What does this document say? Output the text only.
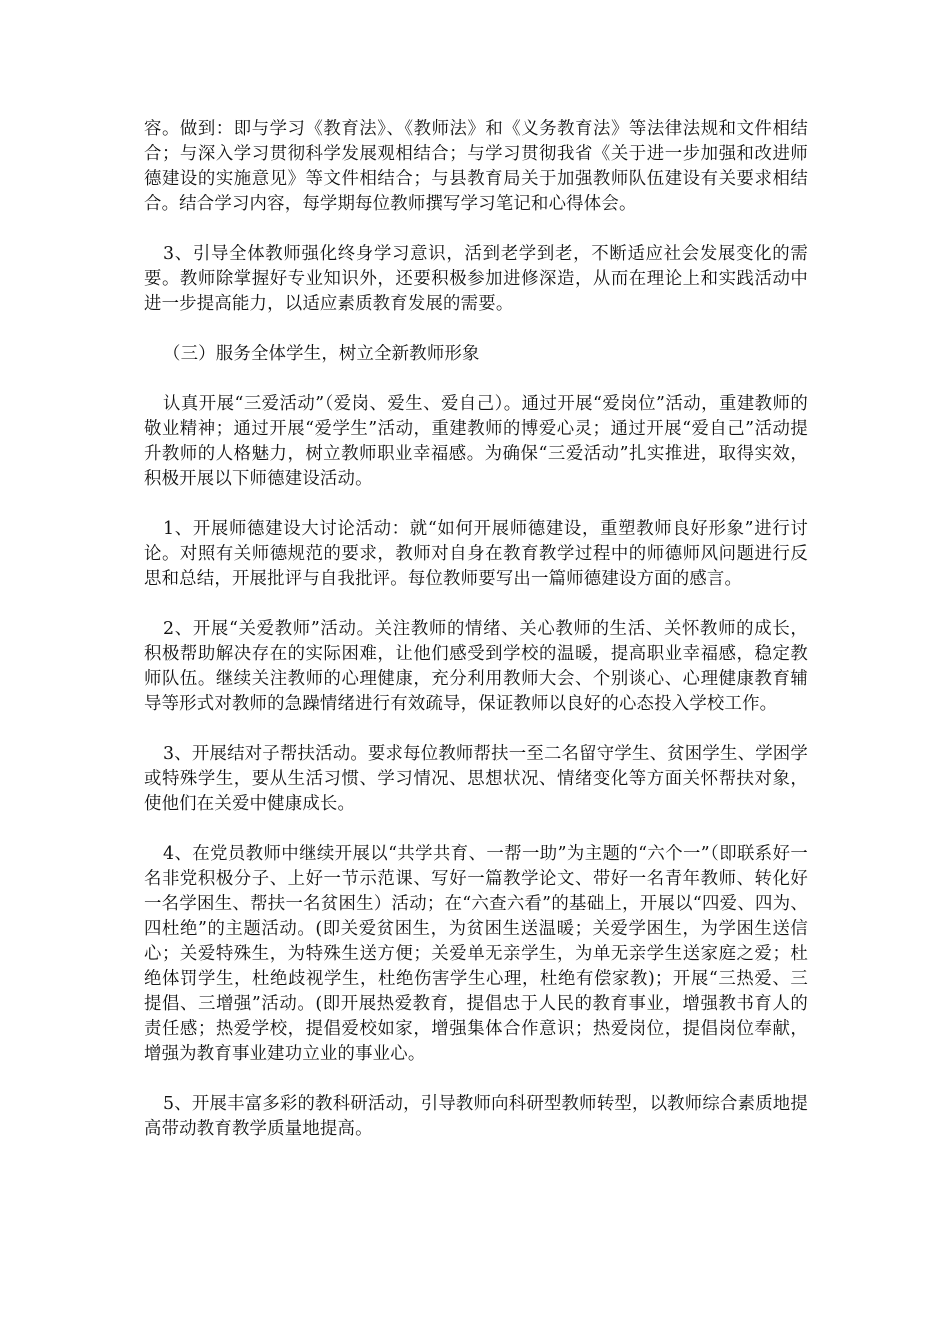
容。做到：即与学习《教育法》、《教师法》和《义务教育法》等法律法规和文件相结合；与深入学习贯彻科学发展观相结合；与学习贯彻我省《关于进一步加强和改进师德建设的实施意见》等文件相结合；与县教育局关于加强教师队伍建设有关要求相结合。结合学习内容，每学期每位教师撰写学习笔记和心得体会。

3、引导全体教师强化终身学习意识，活到老学到老，不断适应社会发展变化的需要。教师除掌握好专业知识外，还要积极参加进修深造，从而在理论上和实践活动中进一步提高能力，以适应素质教育发展的需要。

（三）服务全体学生，树立全新教师形象

认真开展“三爱活动”（爱岗、爱生、爱自己）。通过开展“爱岗位”活动，重建教师的敬业精神；通过开展“爱学生”活动，重建教师的博爱心灵；通过开展“爱自己”活动提升教师的人格魅力，树立教师职业幸福感。为确保“三爱活动”扎实推进，取得实效，积极开展以下师德建设活动。

1、开展师德建设大讨论活动：就“如何开展师德建设，重塑教师良好形象”进行讨论。对照有关师德规范的要求，教师对自身在教育教学过程中的师德师风问题进行反思和总结，开展批评与自我批评。每位教师要写出一篇师德建设方面的感言。

2、开展“关爱教师”活动。关注教师的情绪、关心教师的生活、关怀教师的成长，积极帮助解决存在的实际困难，让他们感受到学校的温暖，提高职业幸福感，稳定教师队伍。继续关注教师的心理健康，充分利用教师大会、个别谈心、心理健康教育辅导等形式对教师的急躁情绪进行有效疏导，保证教师以良好的心态投入学校工作。

3、开展结对子帮扶活动。要求每位教师帮扶一至二名留守学生、贫困学生、学困学或特殊学生，要从生活习惯、学习情况、思想状况、情绪变化等方面关怀帮扶对象，使他们在关爱中健康成长。

4、在党员教师中继续开展以“共学共育、一帮一助”为主题的“六个一”（即联系好一名非党积极分子、上好一节示范课、写好一篇教学论文、带好一名青年教师、转化好一名学困生、帮扶一名贫困生）活动；在“六查六看”的基础上，开展以“四爱、四为、四杜绝”的主题活动。(即关爱贫困生，为贫困生送温暖；关爱学困生，为学困生送信心；关爱特殊生，为特殊生送方便；关爱单无亲学生，为单无亲学生送家庭之爱；杜绝体罚学生，杜绝歧视学生，杜绝伤害学生心理，杜绝有偿家教)；开展“三热爱、三提倡、三增强”活动。(即开展热爱教育，提倡忠于人民的教育事业，增强教书育人的责任感；热爱学校，提倡爱校如家，增强集体合作意识；热爱岗位，提倡岗位奉献，增强为教育事业建功立业的事业心。

5、开展丰富多彩的教科研活动，引导教师向科研型教师转型，以教师综合素质地提高带动教育教学质量地提高。
